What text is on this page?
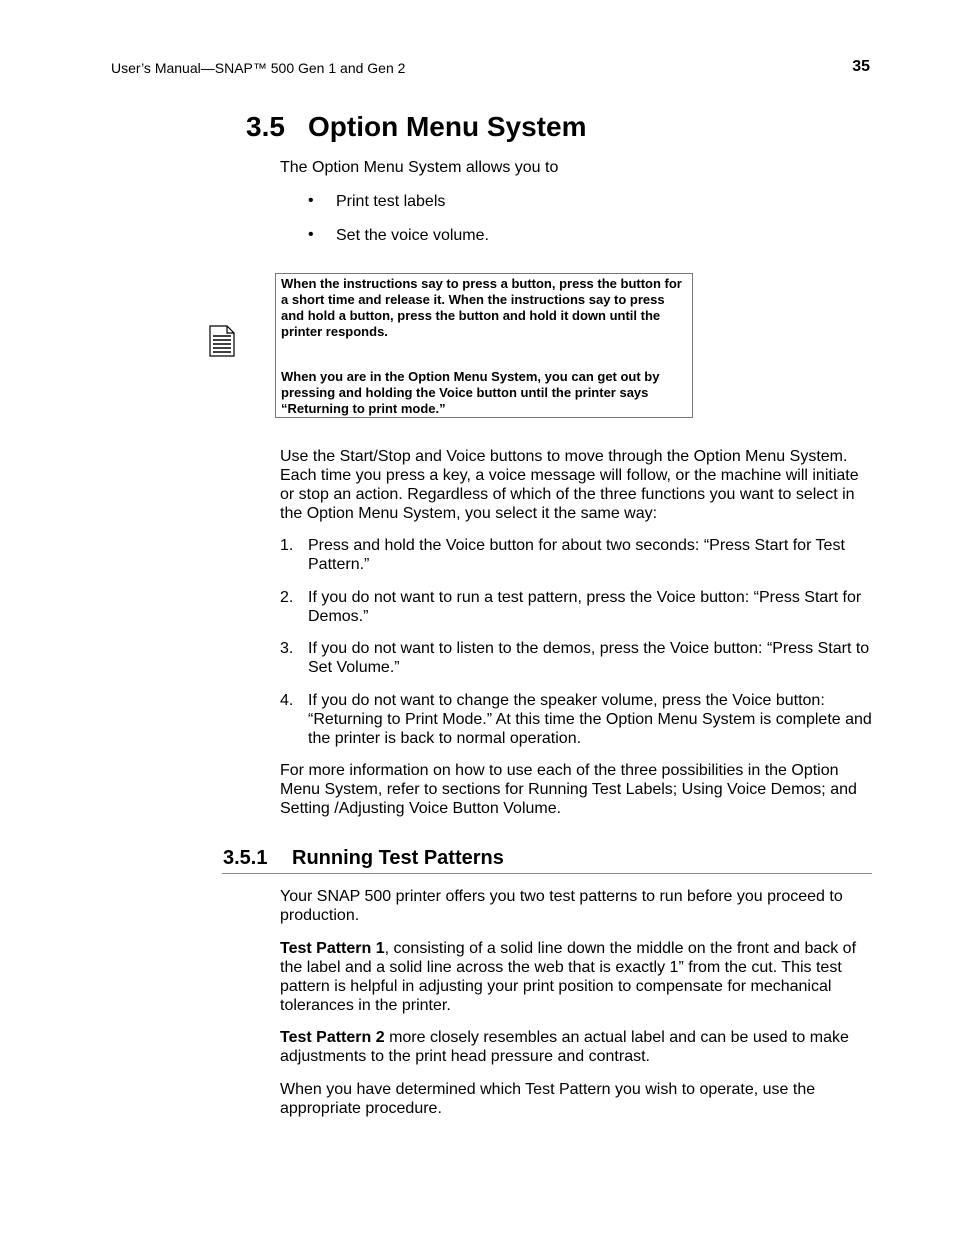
User’s Manual—SNAP™ 500 Gen 1 and Gen 2	35
3.5 Option Menu System
The Option Menu System allows you to
• Print test labels
• Set the voice volume.
When the instructions say to press a button, press the button for a short time and release it. When the instructions say to press and hold a button, press the button and hold it down until the printer responds.
When you are in the Option Menu System, you can get out by pressing and holding the Voice button until the printer says “Returning to print mode.”
Use the Start/Stop and Voice buttons to move through the Option Menu System. Each time you press a key, a voice message will follow, or the machine will initiate or stop an action. Regardless of which of the three functions you want to select in the Option Menu System, you select it the same way:
1. Press and hold the Voice button for about two seconds: “Press Start for Test Pattern.”
2. If you do not want to run a test pattern, press the Voice button: “Press Start for Demos.”
3. If you do not want to listen to the demos, press the Voice button: “Press Start to Set Volume.”
4. If you do not want to change the speaker volume, press the Voice button: “Returning to Print Mode.” At this time the Option Menu System is complete and the printer is back to normal operation.
For more information on how to use each of the three possibilities in the Option Menu System, refer to sections for Running Test Labels; Using Voice Demos; and Setting /Adjusting Voice Button Volume.
3.5.1 Running Test Patterns
Your SNAP 500 printer offers you two test patterns to run before you proceed to production.
Test Pattern 1, consisting of a solid line down the middle on the front and back of the label and a solid line across the web that is exactly 1” from the cut. This test pattern is helpful in adjusting your print position to compensate for mechanical tolerances in the printer.
Test Pattern 2 more closely resembles an actual label and can be used to make adjustments to the print head pressure and contrast.
When you have determined which Test Pattern you wish to operate, use the appropriate procedure.
